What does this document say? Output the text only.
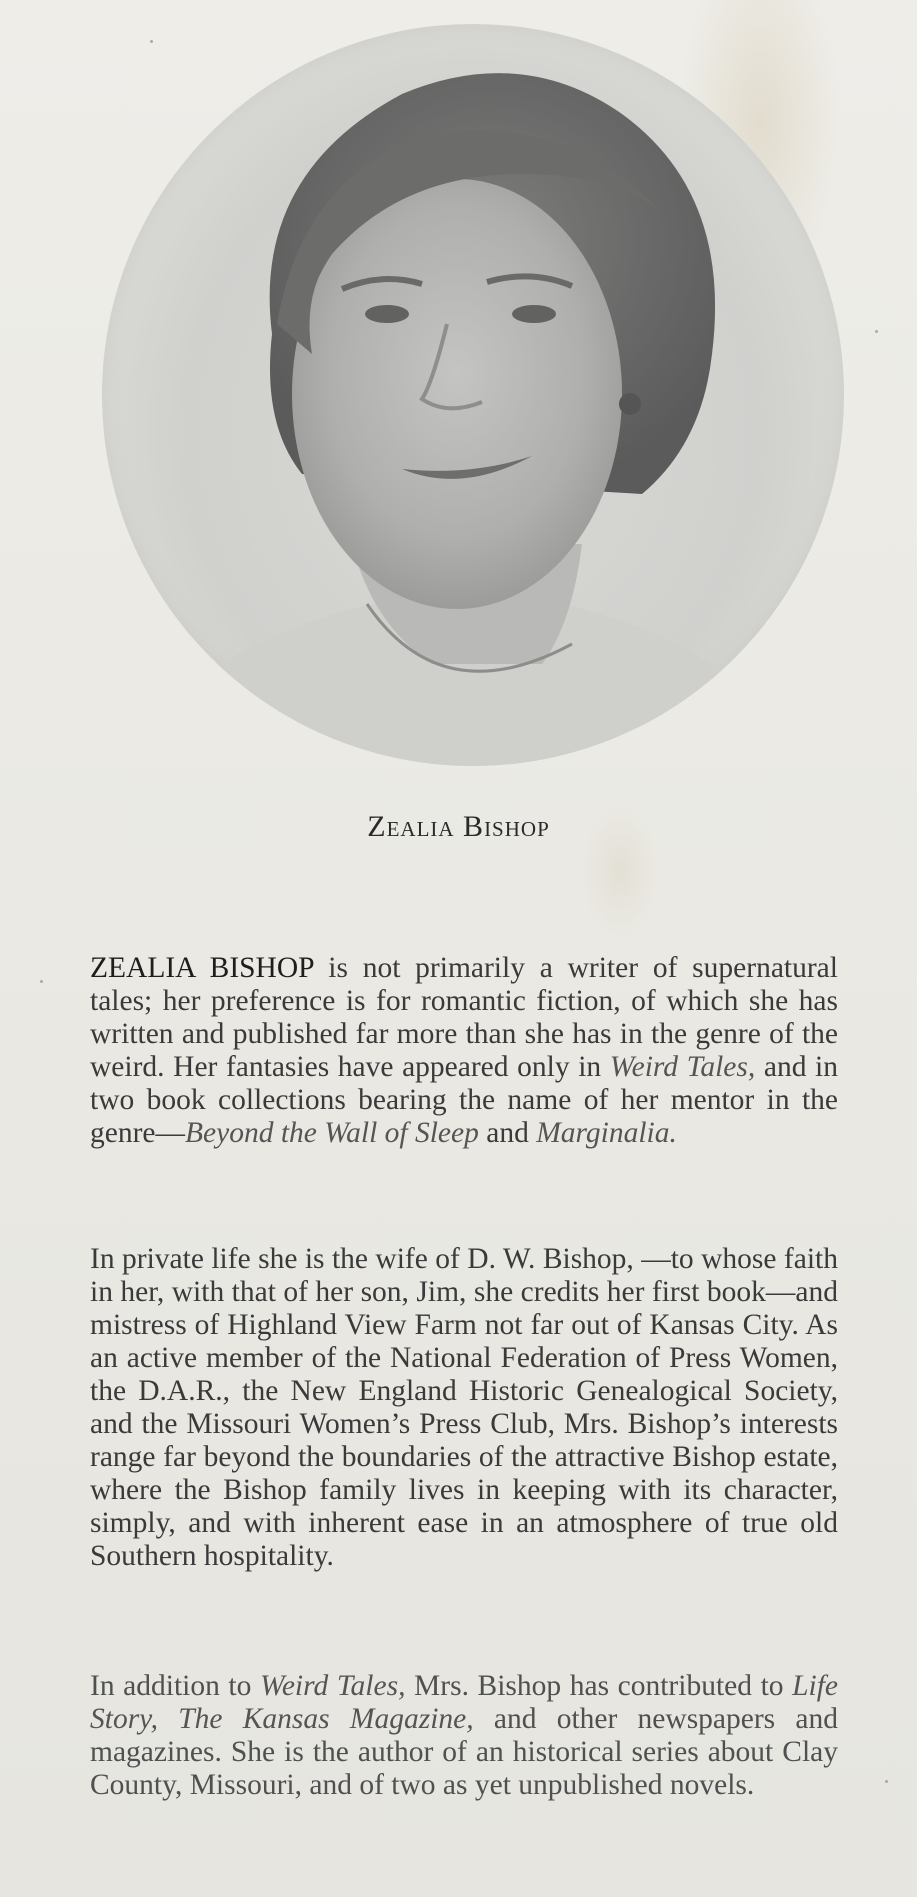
Zealia Bishop

ZEALIA BISHOP is not primarily a writer of supernatural tales; her preference is for romantic fiction, of which she has written and published far more than she has in the genre of the weird. Her fantasies have appeared only in Weird Tales, and in two book collections bearing the name of her mentor in the genre—Beyond the Wall of Sleep and Marginalia.

In private life she is the wife of D. W. Bishop, —to whose faith in her, with that of her son, Jim, she credits her first book—and mistress of Highland View Farm not far out of Kansas City. As an active member of the National Federation of Press Women, the D.A.R., the New England Historic Genealogical Society, and the Missouri Women’s Press Club, Mrs. Bishop’s interests range far beyond the boundaries of the attractive Bishop estate, where the Bishop family lives in keeping with its character, simply, and with inherent ease in an atmosphere of true old Southern hospitality.

In addition to Weird Tales, Mrs. Bishop has contributed to Life Story, The Kansas Magazine, and other newspapers and magazines. She is the author of an historical series about Clay County, Missouri, and of two as yet unpublished novels.
